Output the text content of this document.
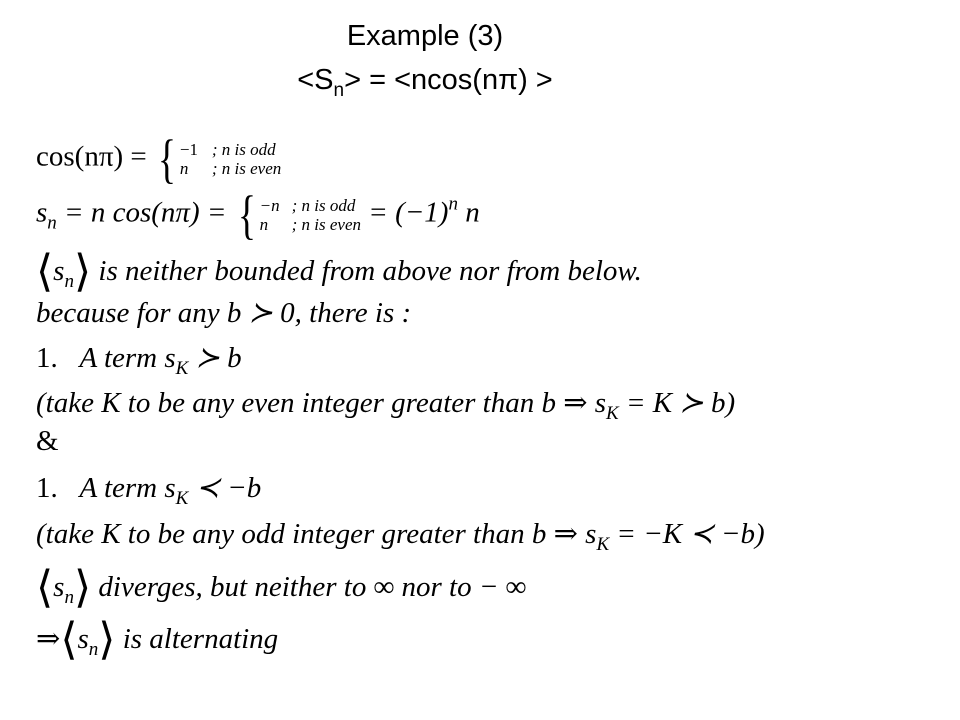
Example (3)
$<S_n> = <ncos(n\pi)$ >
cos(nπ) = { −1 ; n is odd
n	; n is even
$s_n = n$ cos(nπ) = { −n ; n is odd
n	; n is even = $(-1)^n$ n
$⟨s_n⟩$ is neither bounded from above nor from below.
because for any b ≻ 0, there is :
1. A term $s_K$ ≻ b
(take K to be any even integer greater than b ⇒ $s_K = K$ ≻ b)
&
1. A term $s_K$ ≺ −b
(take K to be any odd integer greater than b ⇒ $s_K = -K$ ≺ −b)
$⟨s_n⟩$ diverges, but neither to ∞ nor to − ∞
$\Rightarrow⟨s_n⟩$ is alternating
